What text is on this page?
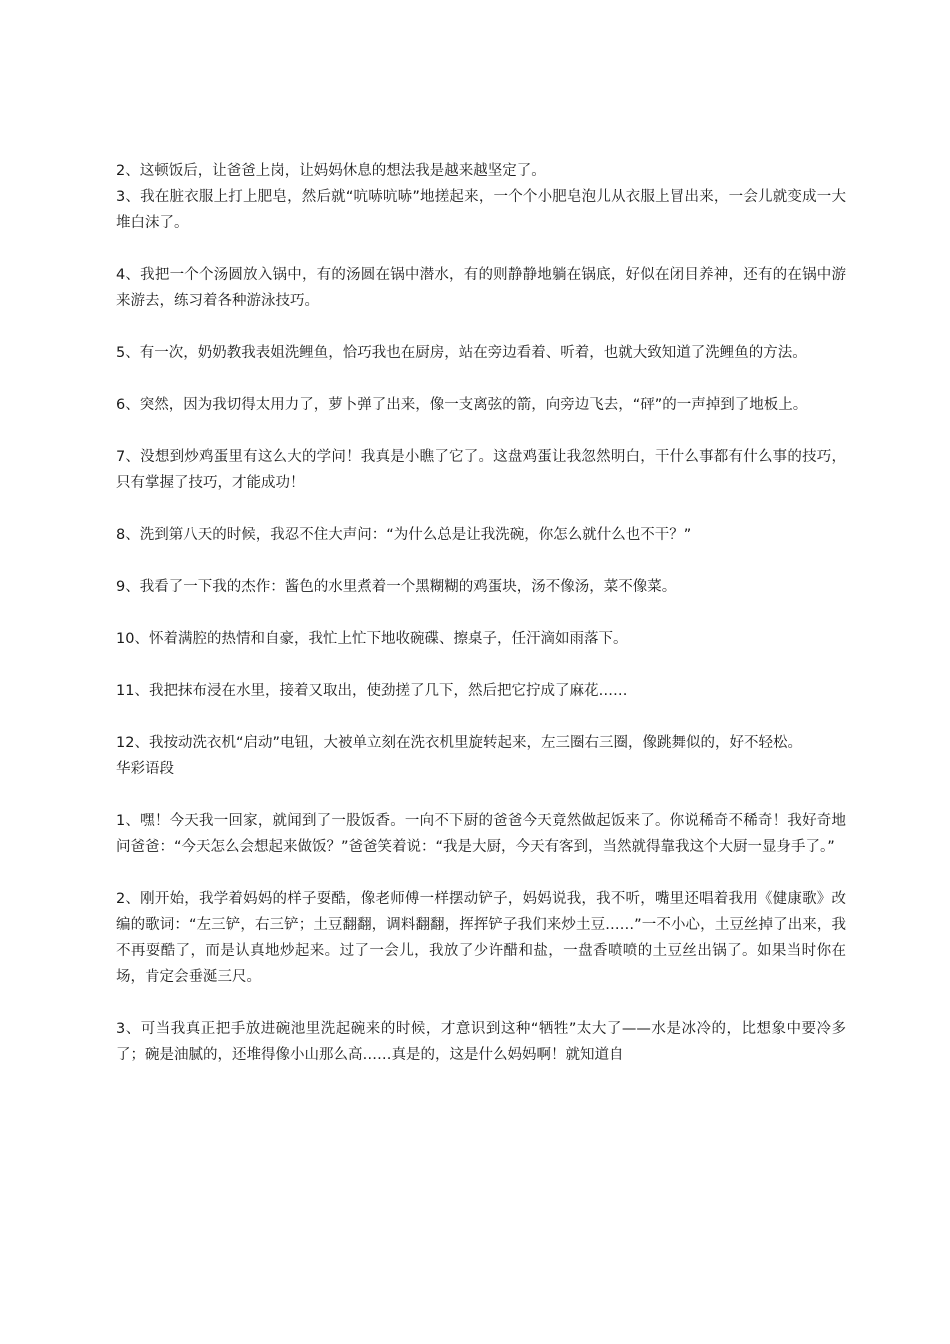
2、这顿饭后，让爸爸上岗，让妈妈休息的想法我是越来越坚定了。

3、我在脏衣服上打上肥皂，然后就“吭哧吭哧”地搓起来，一个个小肥皂泡儿从衣服上冒出来，一会儿就变成一大堆白沫了。

4、我把一个个汤圆放入锅中，有的汤圆在锅中潜水，有的则静静地躺在锅底，好似在闭目养神，还有的在锅中游来游去，练习着各种游泳技巧。

5、有一次，奶奶教我表姐洗鲤鱼，恰巧我也在厨房，站在旁边看着、听着，也就大致知道了洗鲤鱼的方法。

6、突然，因为我切得太用力了，萝卜弹了出来，像一支离弦的箭，向旁边飞去，“砰”的一声掉到了地板上。

7、没想到炒鸡蛋里有这么大的学问！我真是小瞧了它了。这盘鸡蛋让我忽然明白，干什么事都有什么事的技巧，只有掌握了技巧，才能成功！

8、洗到第八天的时候，我忍不住大声问：“为什么总是让我洗碗，你怎么就什么也不干？”

9、我看了一下我的杰作：酱色的水里煮着一个黑糊糊的鸡蛋块，汤不像汤，菜不像菜。

10、怀着满腔的热情和自豪，我忙上忙下地收碗碟、擦桌子，任汗滴如雨落下。

11、我把抹布浸在水里，接着又取出，使劲搓了几下，然后把它拧成了麻花……

12、我按动洗衣机“启动”电钮，大被单立刻在洗衣机里旋转起来，左三圈右三圈，像跳舞似的，好不轻松。

华彩语段

1、嘿！今天我一回家，就闻到了一股饭香。一向不下厨的爸爸今天竟然做起饭来了。你说稀奇不稀奇！我好奇地问爸爸：“今天怎么会想起来做饭？”爸爸笑着说：“我是大厨，今天有客到，当然就得靠我这个大厨一显身手了。”

2、刚开始，我学着妈妈的样子耍酷，像老师傅一样摆动铲子，妈妈说我，我不听，嘴里还唱着我用《健康歌》改编的歌词：“左三铲，右三铲；土豆翻翻，调料翻翻，挥挥铲子我们来炒土豆……”一不小心，土豆丝掉了出来，我不再耍酷了，而是认真地炒起来。过了一会儿，我放了少许醋和盐，一盘香喷喷的土豆丝出锅了。如果当时你在场，肯定会垂涎三尺。

3、可当我真正把手放进碗池里洗起碗来的时候，才意识到这种“牺牲”太大了——水是冰冷的，比想象中要冷多了；碗是油腻的，还堆得像小山那么高……真是的，这是什么妈妈啊！就知道自
